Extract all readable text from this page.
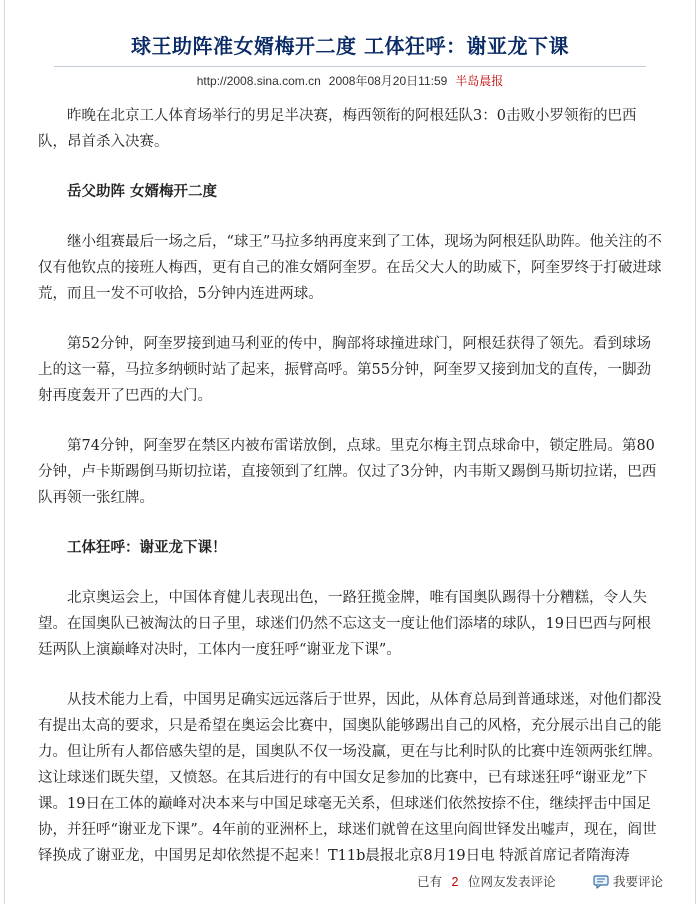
球王助阵准女婿梅开二度 工体狂呼：谢亚龙下课
http://2008.sina.com.cn 2008年08月20日11:59 半岛晨报

昨晚在北京工人体育场举行的男足半决赛，梅西领衔的阿根廷队3：0击败小罗领衔的巴西队，昂首杀入决赛。

岳父助阵 女婿梅开二度

继小组赛最后一场之后，“球王”马拉多纳再度来到了工体，现场为阿根廷队助阵。他关注的不仅有他钦点的接班人梅西，更有自己的准女婿阿奎罗。在岳父大人的助威下，阿奎罗终于打破进球荒，而且一发不可收拾，5分钟内连进两球。

第52分钟，阿奎罗接到迪马利亚的传中，胸部将球撞进球门，阿根廷获得了领先。看到球场上的这一幕，马拉多纳顿时站了起来，振臂高呼。第55分钟，阿奎罗又接到加戈的直传，一脚劲射再度轰开了巴西的大门。

第74分钟，阿奎罗在禁区内被布雷诺放倒，点球。里克尔梅主罚点球命中，锁定胜局。第80分钟，卢卡斯踢倒马斯切拉诺，直接领到了红牌。仅过了3分钟，内韦斯又踢倒马斯切拉诺，巴西队再领一张红牌。

工体狂呼：谢亚龙下课！

北京奥运会上，中国体育健儿表现出色，一路狂揽金牌，唯有国奥队踢得十分糟糕，令人失望。在国奥队已被淘汰的日子里，球迷们仍然不忘这支一度让他们添堵的球队，19日巴西与阿根廷两队上演巅峰对决时，工体内一度狂呼“谢亚龙下课”。

从技术能力上看，中国男足确实远远落后于世界，因此，从体育总局到普通球迷，对他们都没有提出太高的要求，只是希望在奥运会比赛中，国奥队能够踢出自己的风格，充分展示出自己的能力。但让所有人都倍感失望的是，国奥队不仅一场没赢，更在与比利时队的比赛中连领两张红牌。这让球迷们既失望，又愤怒。在其后进行的有中国女足参加的比赛中，已有球迷狂呼“谢亚龙”下课。19日在工体的巅峰对决本来与中国足球毫无关系，但球迷们依然按捺不住，继续抨击中国足协，并狂呼“谢亚龙下课”。4年前的亚洲杯上，球迷们就曾在这里向阎世铎发出嘘声，现在，阎世铎换成了谢亚龙，中国男足却依然提不起来！T11b晨报北京8月19日电 特派首席记者隋海涛

已有 2 位网友发表评论	我要评论
